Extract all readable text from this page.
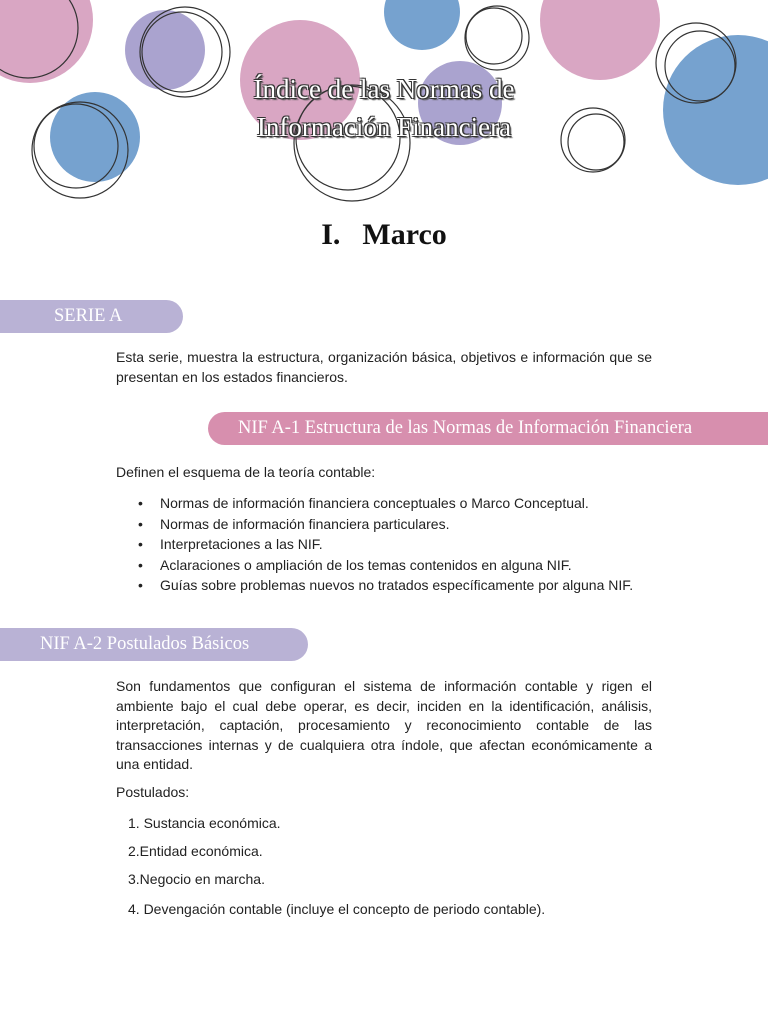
Índice de las Normas de
Información Financiera
I. Marco
SERIE A
Esta serie, muestra la estructura, organización básica, objetivos e información que se presentan en los estados financieros.
NIF A-1 Estructura de las Normas de Información Financiera
Definen el esquema de la teoría contable:
• Normas de información financiera conceptuales o Marco Conceptual.
• Normas de información financiera particulares.
• Interpretaciones a las NIF.
• Aclaraciones o ampliación de los temas contenidos en alguna NIF.
• Guías sobre problemas nuevos no tratados específicamente por alguna NIF.
NIF A-2 Postulados Básicos
Son fundamentos que configuran el sistema de información contable y rigen el ambiente bajo el cual debe operar, es decir, inciden en la identificación, análisis, interpretación, captación, procesamiento y reconocimiento contable de las transacciones internas y de cualquiera otra índole, que afectan económicamente a una entidad.
Postulados:
1. Sustancia económica.
2.Entidad económica.
3.Negocio en marcha.
4. Devengación contable (incluye el concepto de periodo contable).
